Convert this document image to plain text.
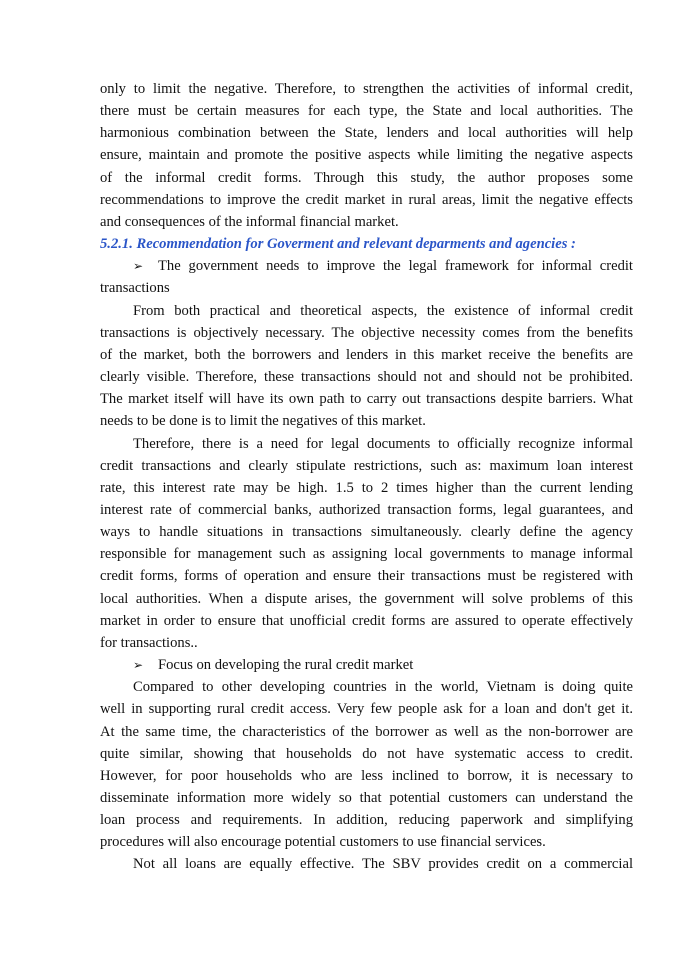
only to limit the negative. Therefore, to strengthen the activities of informal credit,
there must be certain measures for each type, the State and local authorities. The
harmonious combination between the State, lenders and local authorities will help
ensure, maintain and promote the positive aspects while limiting the negative aspects
of the informal credit forms. Through this study, the author proposes some
recommendations to improve the credit market in rural areas, limit the negative effects
and consequences of the informal financial market.
5.2.1. Recommendation for Goverment and relevant deparments and agencies :
➢	The government needs to improve the legal framework for informal credit
transactions
From both practical and theoretical aspects, the existence of informal credit
transactions is objectively necessary. The objective necessity comes from the benefits
of the market, both the borrowers and lenders in this market receive the benefits are
clearly visible. Therefore, these transactions should not and should not be prohibited.
The market itself will have its own path to carry out transactions despite barriers. What
needs to be done is to limit the negatives of this market.
Therefore, there is a need for legal documents to officially recognize informal
credit transactions and clearly stipulate restrictions, such as: maximum loan interest
rate, this interest rate may be high. 1.5 to 2 times higher than the current lending
interest rate of commercial banks, authorized transaction forms, legal guarantees, and
ways to handle situations in transactions simultaneously. clearly define the agency
responsible for management such as assigning local governments to manage informal
credit forms, forms of operation and ensure their transactions must be registered with
local authorities. When a dispute arises, the government will solve problems of this
market in order to ensure that unofficial credit forms are assured to operate effectively
for transactions..
➢	Focus on developing the rural credit market
Compared to other developing countries in the world, Vietnam is doing quite
well in supporting rural credit access. Very few people ask for a loan and don't get it.
At the same time, the characteristics of the borrower as well as the non-borrower are
quite similar, showing that households do not have systematic access to credit.
However, for poor households who are less inclined to borrow, it is necessary to
disseminate information more widely so that potential customers can understand the
loan process and requirements. In addition, reducing paperwork and simplifying
procedures will also encourage potential customers to use financial services.
Not all loans are equally effective. The SBV provides credit on a commercial
